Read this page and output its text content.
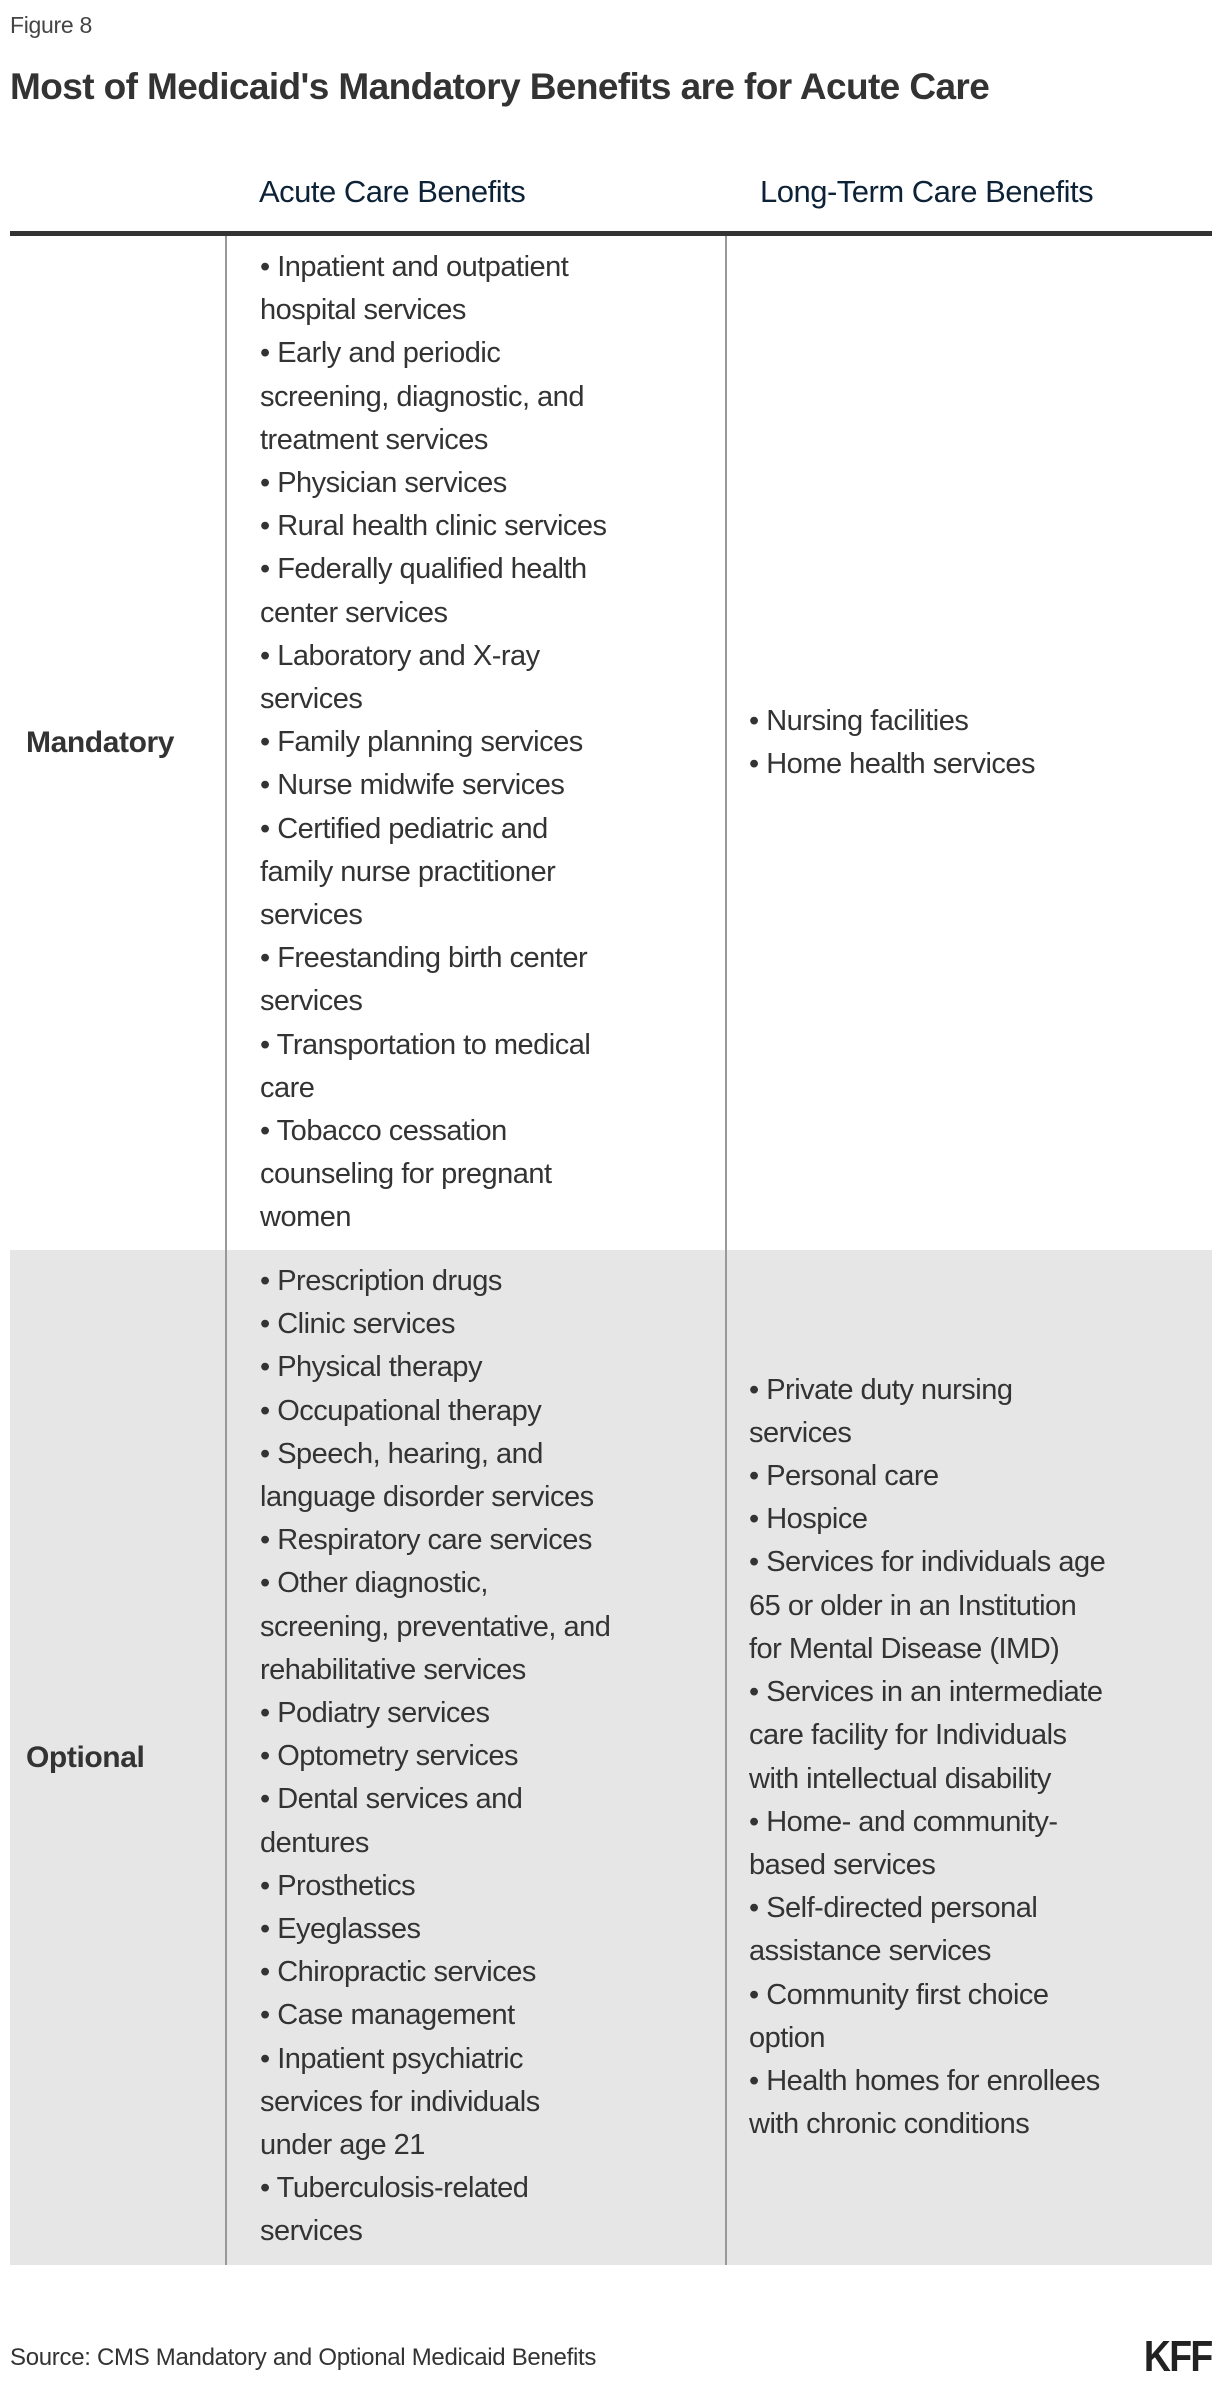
Figure 8
Most of Medicaid's Mandatory Benefits are for Acute Care
Acute Care Benefits	Long-Term Care Benefits
Mandatory
• Inpatient and outpatient
hospital services
• Early and periodic
screening, diagnostic, and
treatment services
• Physician services
• Rural health clinic services
• Federally qualified health
center services
• Laboratory and X-ray
services
• Family planning services
• Nurse midwife services
• Certified pediatric and
family nurse practitioner
services
• Freestanding birth center
services
• Transportation to medical
care
• Tobacco cessation
counseling for pregnant
women
• Nursing facilities
• Home health services
Optional
• Prescription drugs
• Clinic services
• Physical therapy
• Occupational therapy
• Speech, hearing, and
language disorder services
• Respiratory care services
• Other diagnostic,
screening, preventative, and
rehabilitative services
• Podiatry services
• Optometry services
• Dental services and
dentures
• Prosthetics
• Eyeglasses
• Chiropractic services
• Case management
• Inpatient psychiatric
services for individuals
under age 21
• Tuberculosis-related
services
• Private duty nursing
services
• Personal care
• Hospice
• Services for individuals age
65 or older in an Institution
for Mental Disease (IMD)
• Services in an intermediate
care facility for Individuals
with intellectual disability
• Home- and community-
based services
• Self-directed personal
assistance services
• Community first choice
option
• Health homes for enrollees
with chronic conditions
Source: CMS Mandatory and Optional Medicaid Benefits	KFF
